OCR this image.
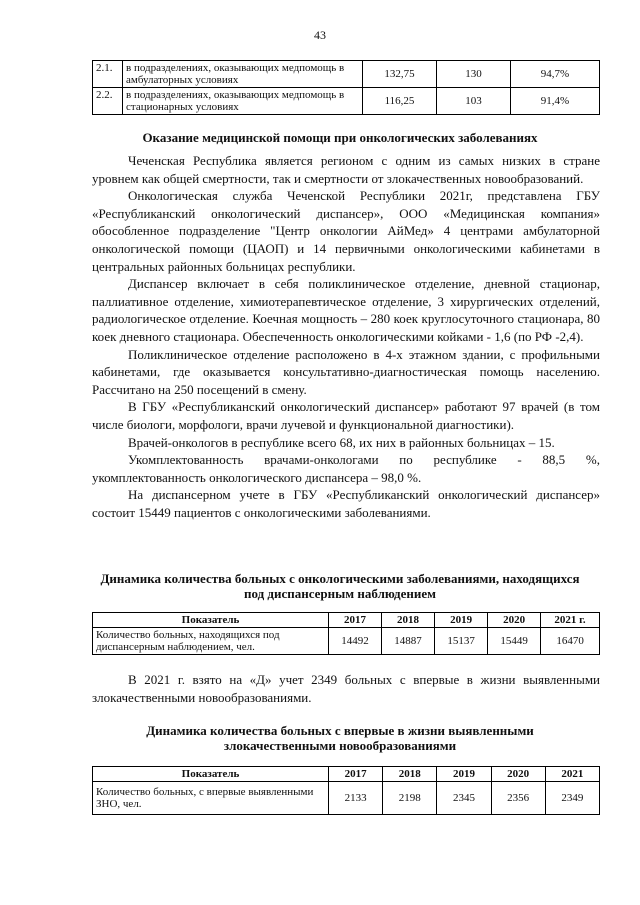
43
2.1.	в подразделениях, оказывающих медпомощь в амбулаторных условиях	132,75	130	94,7%
2.2.	в подразделениях, оказывающих медпомощь в стационарных условиях	116,25	103	91,4%
Оказание медицинской помощи при онкологических заболеваниях

Чеченская Республика является регионом с одним из самых низких в стране уровнем как общей смертности, так и смертности от злокачественных новообразований.

Онкологическая служба Чеченской Республики 2021г, представлена ГБУ «Республиканский онкологический диспансер», ООО «Медицинская компания» обособленное подразделение "Центр онкологии АйМед» 4 центрами амбулаторной онкологической помощи (ЦАОП) и 14 первичными онкологическими кабинетами в центральных районных больницах республики.

Диспансер включает в себя поликлиническое отделение, дневной стационар, паллиативное отделение, химиотерапевтическое отделение, 3 хирургических отделений, радиологическое отделение. Коечная мощность – 280 коек круглосуточного стационара, 80 коек дневного стационара. Обеспеченность онкологическими койками - 1,6 (по РФ -2,4).

Поликлиническое отделение расположено в 4-х этажном здании, с профильными кабинетами, где оказывается консультативно-диагностическая помощь населению. Рассчитано на 250 посещений в смену.

В ГБУ «Республиканский онкологический диспансер» работают 97 врачей (в том числе биологи, морфологи, врачи лучевой и функциональной диагностики).

Врачей-онкологов в республике всего 68, их них в районных больницах – 15.

Укомплектованность врачами-онкологами по республике - 88,5 %, укомплектованность онкологического диспансера – 98,0 %.

На диспансерном учете в ГБУ «Республиканский онкологический диспансер» состоит 15449 пациентов с онкологическими заболеваниями.

Динамика количества больных с онкологическими заболеваниями, находящихся под диспансерным наблюдением
Показатель	2017	2018	2019	2020	2021 г.
Количество больных, находящихся под диспансерным наблюдением, чел.	14492	14887	15137	15449	16470

В 2021 г. взято на «Д» учет 2349 больных с впервые в жизни выявленными злокачественными новообразованиями.

Динамика количества больных с впервые в жизни выявленными злокачественными новообразованиями
Показатель	2017	2018	2019	2020	2021
Количество больных, с впервые выявленными ЗНО, чел.	2133	2198	2345	2356	2349
